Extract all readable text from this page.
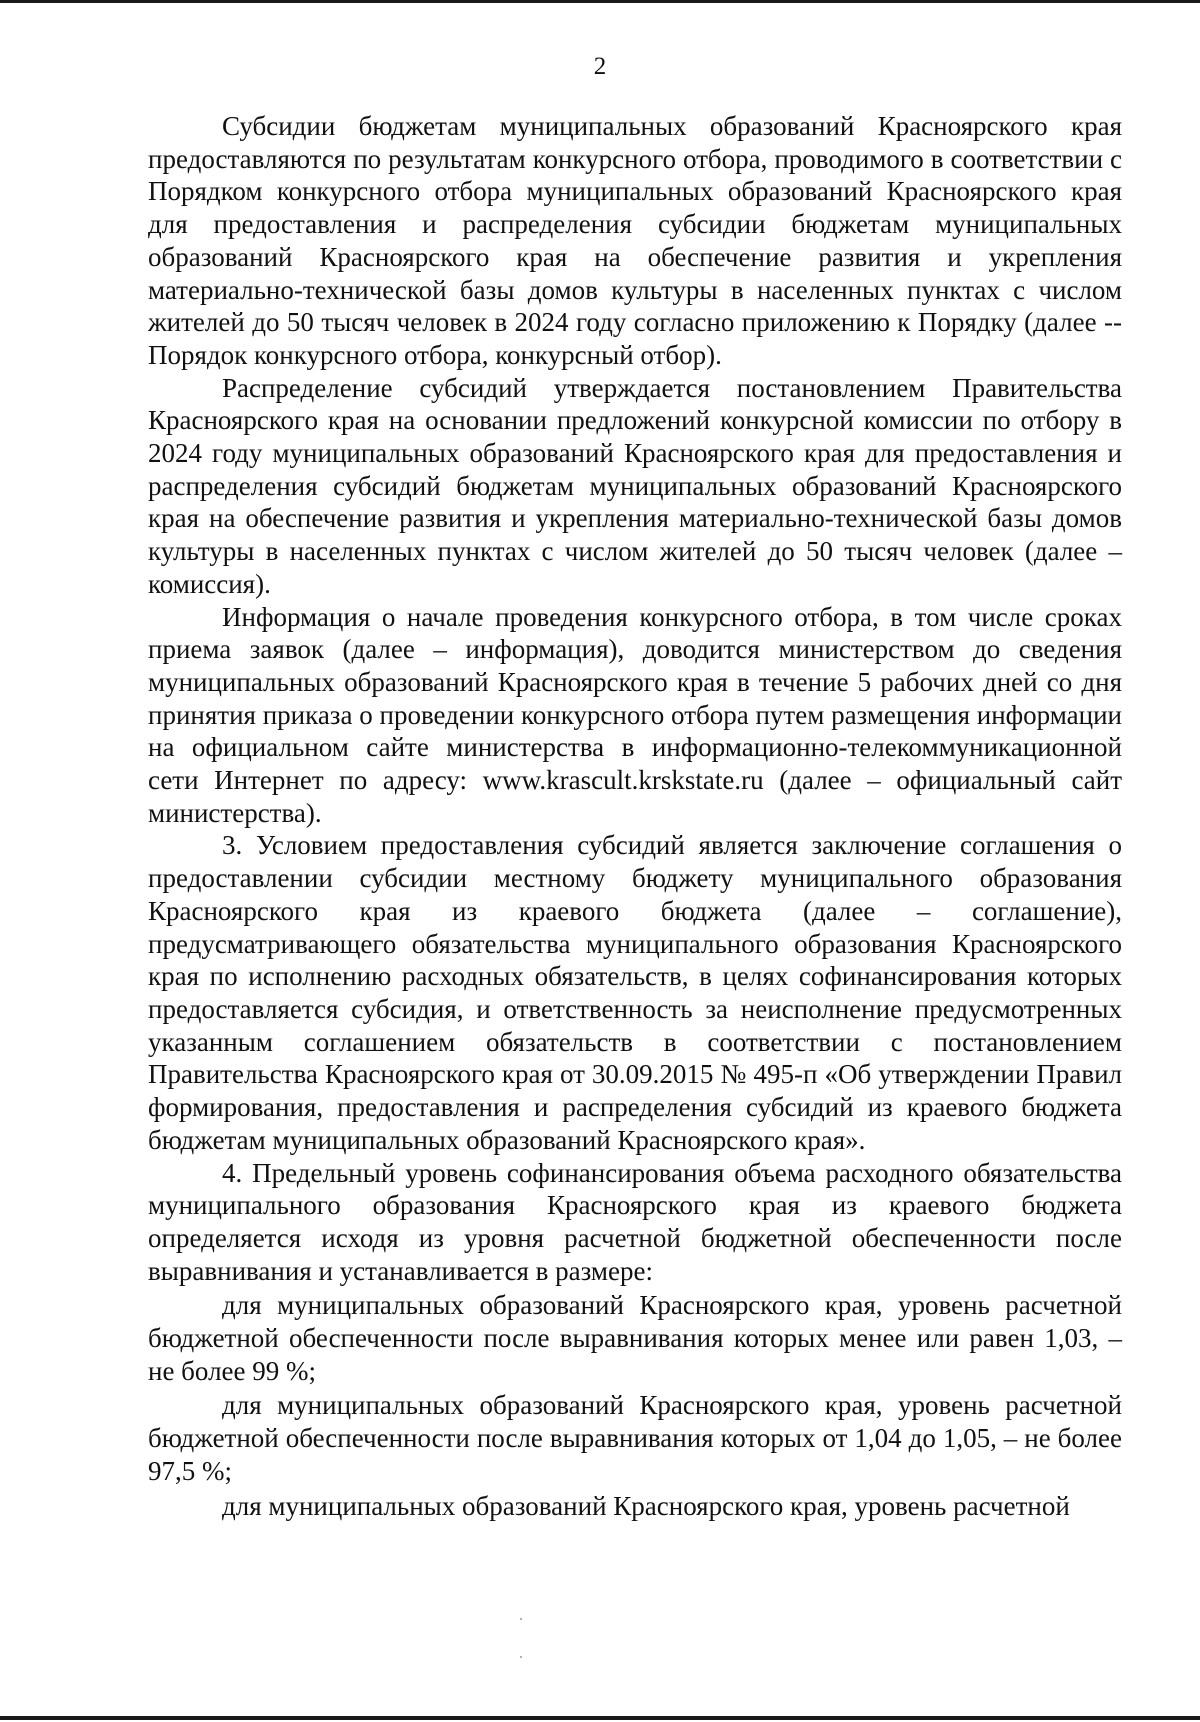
2

Субсидии бюджетам муниципальных образований Красноярского края предоставляются по результатам конкурсного отбора, проводимого в соответствии с Порядком конкурсного отбора муниципальных образований Красноярского края для предоставления и распределения субсидии бюджетам муниципальных образований Красноярского края на обеспечение развития и укрепления материально-технической базы домов культуры в населенных пунктах с числом жителей до 50 тысяч человек в 2024 году согласно приложению к Порядку (далее -- Порядок конкурсного отбора, конкурсный отбор).

Распределение субсидий утверждается постановлением Правительства Красноярского края на основании предложений конкурсной комиссии по отбору в 2024 году муниципальных образований Красноярского края для предоставления и распределения субсидий бюджетам муниципальных образований Красноярского края на обеспечение развития и укрепления материально-технической базы домов культуры в населенных пунктах с числом жителей до 50 тысяч человек (далее – комиссия).

Информация о начале проведения конкурсного отбора, в том числе сроках приема заявок (далее – информация), доводится министерством до сведения муниципальных образований Красноярского края в течение 5 рабочих дней со дня принятия приказа о проведении конкурсного отбора путем размещения информации на официальном сайте министерства в информационно-телекоммуникационной сети Интернет по адресу: www.krascult.krskstate.ru (далее – официальный сайт министерства).

3. Условием предоставления субсидий является заключение соглашения о предоставлении субсидии местному бюджету муниципального образования Красноярского края из краевого бюджета (далее – соглашение), предусматривающего обязательства муниципального образования Красноярского края по исполнению расходных обязательств, в целях софинансирования которых предоставляется субсидия, и ответственность за неисполнение предусмотренных указанным соглашением обязательств в соответствии с постановлением Правительства Красноярского края от 30.09.2015 № 495-п «Об утверждении Правил формирования, предоставления и распределения субсидий из краевого бюджета бюджетам муниципальных образований Красноярского края».

4. Предельный уровень софинансирования объема расходного обязательства муниципального образования Красноярского края из краевого бюджета определяется исходя из уровня расчетной бюджетной обеспеченности после выравнивания и устанавливается в размере:

для муниципальных образований Красноярского края, уровень расчетной бюджетной обеспеченности после выравнивания которых менее или равен 1,03, – не более 99 %;

для муниципальных образований Красноярского края, уровень расчетной бюджетной обеспеченности после выравнивания которых от 1,04 до 1,05, – не более 97,5 %;

для муниципальных образований Красноярского края, уровень расчетной
